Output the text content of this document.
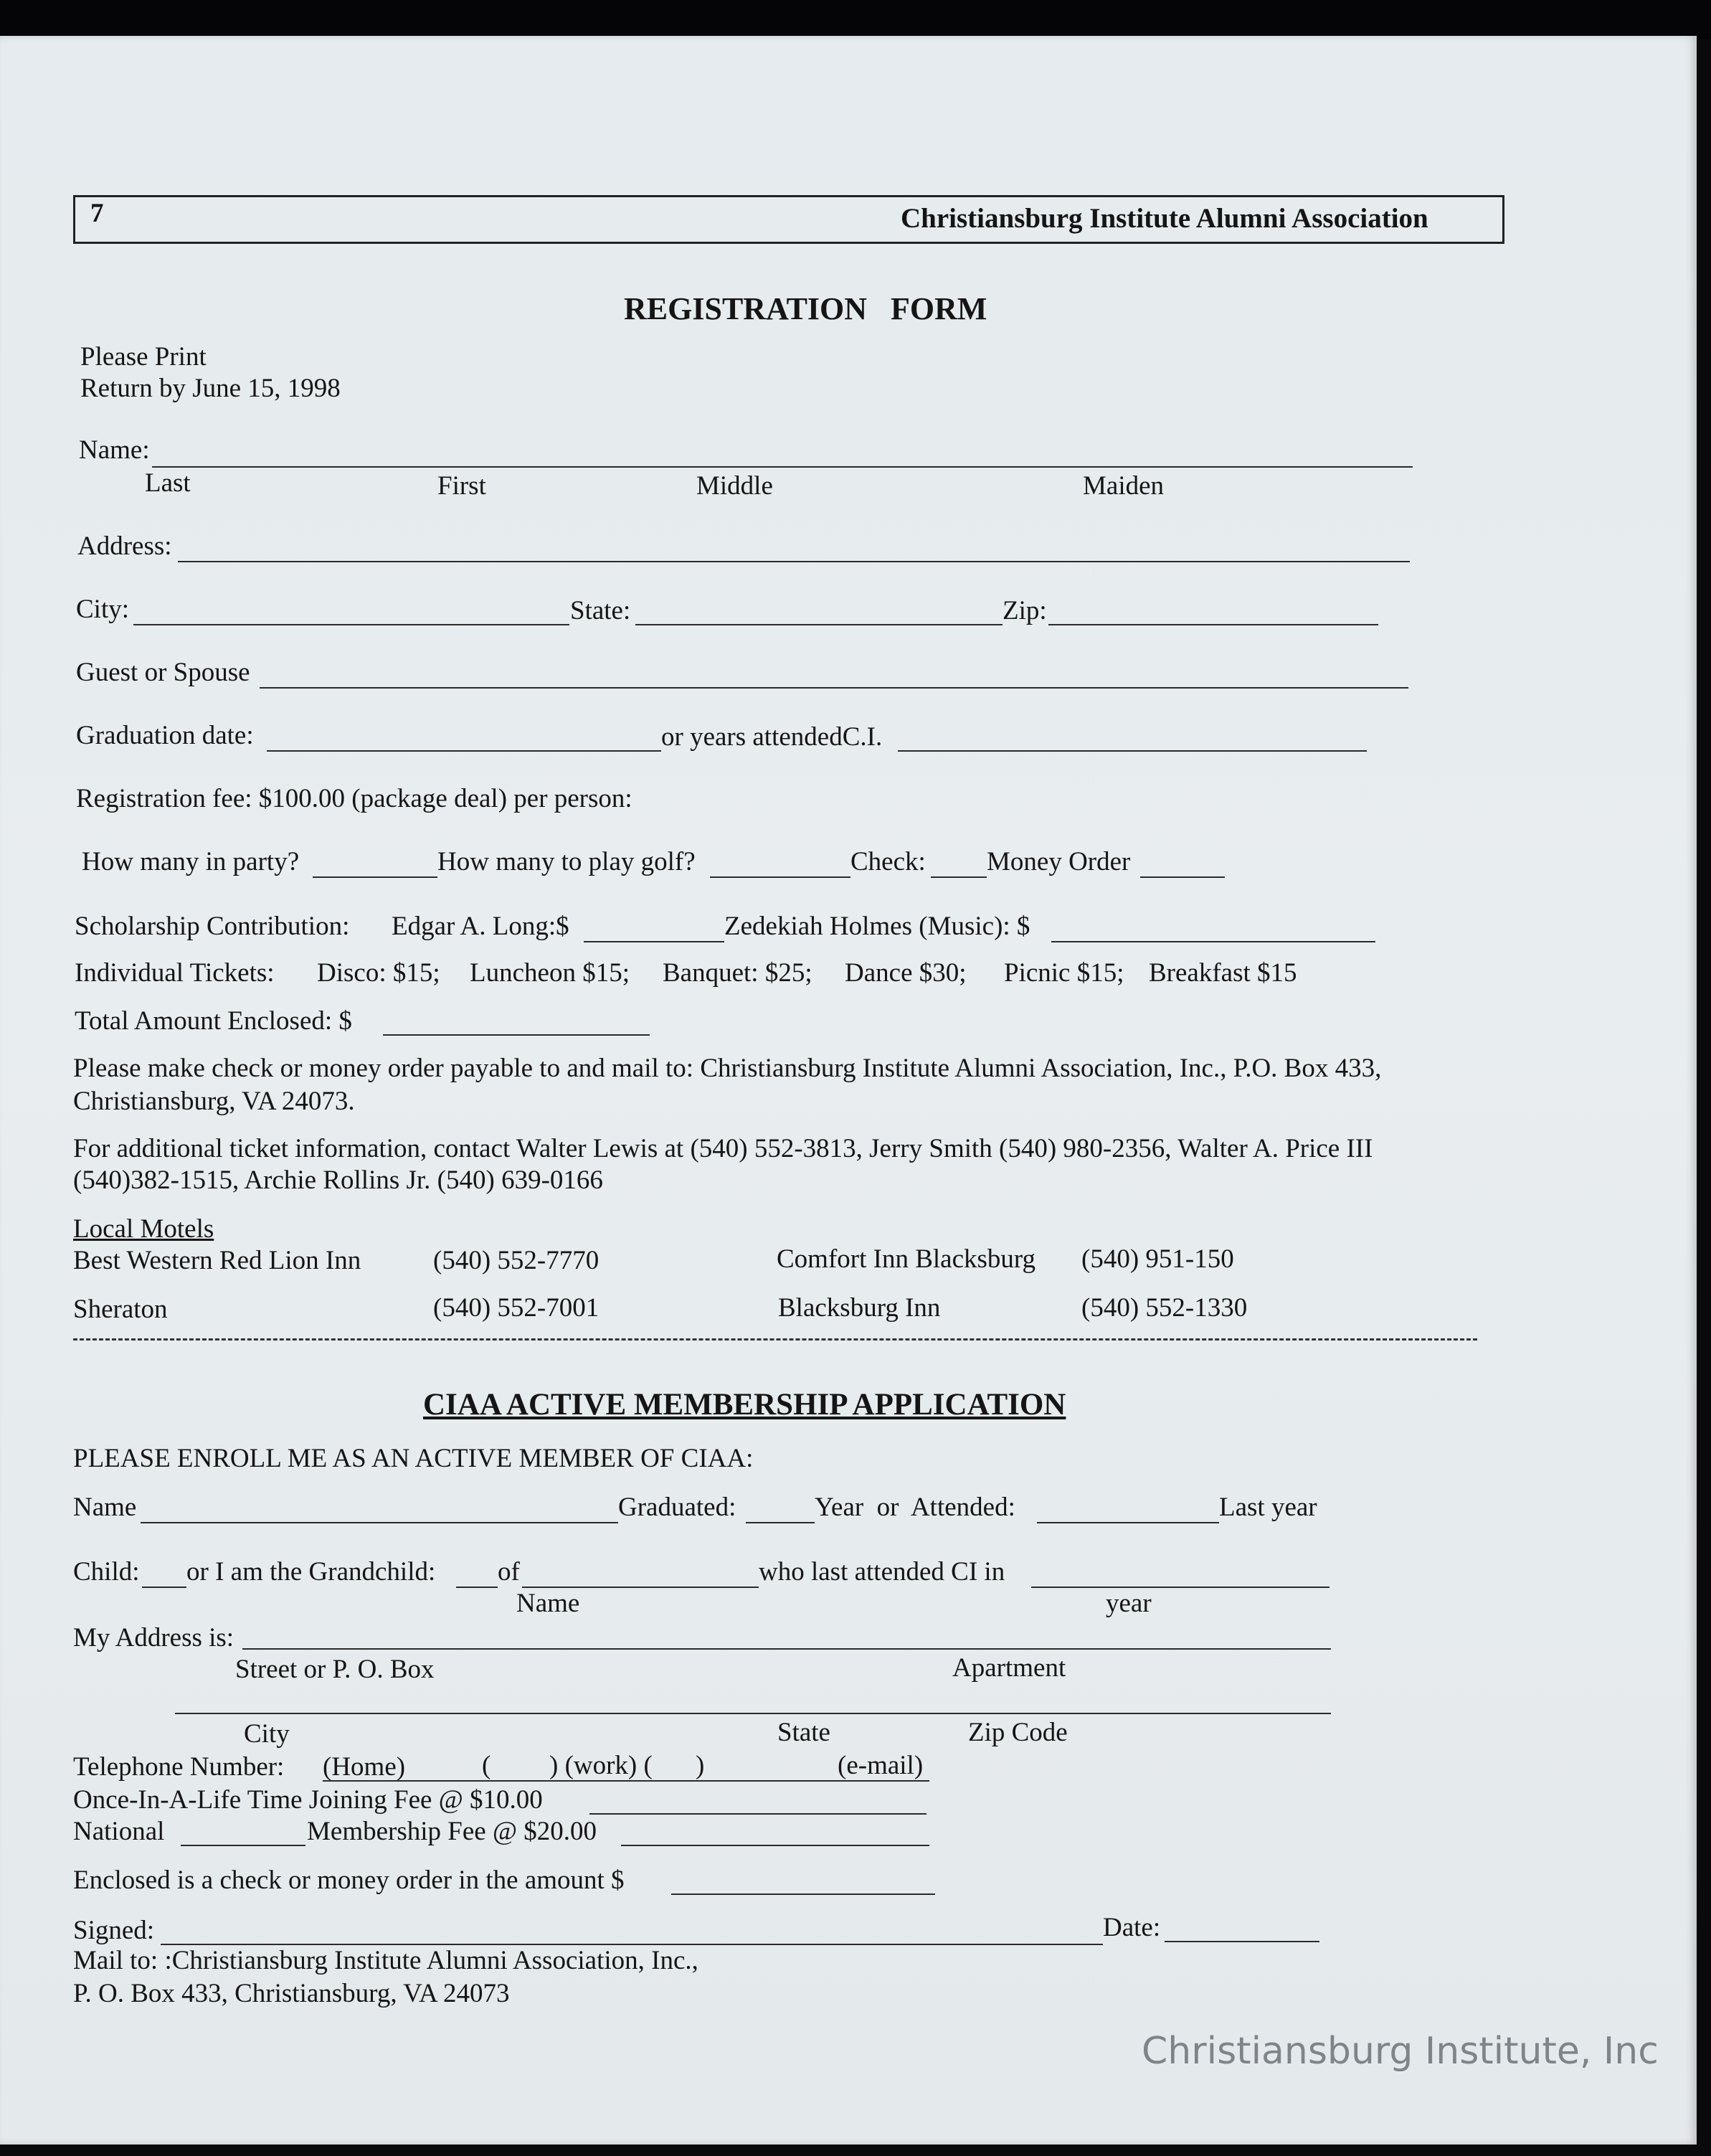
7	Christiansburg Institute Alumni Association
REGISTRATION   FORM
Please Print
Return by June 15, 1998
Name:
Last	First	Middle	Maiden
Address:
City:	State:	Zip:
Guest or Spouse
Graduation date:	or years attendedC.I.
Registration fee: $100.00 (package deal) per person:
How many in party?	How many to play golf?	Check: Money Order
Scholarship Contribution: Edgar A. Long:$	Zedekiah Holmes (Music): $
Individual Tickets: Disco: $15; Luncheon $15; Banquet: $25; Dance $30; Picnic $15; Breakfast $15
Total Amount Enclosed: $
Please make check or money order payable to and mail to: Christiansburg Institute Alumni Association, Inc., P.O. Box 433,
Christiansburg, VA 24073.
For additional ticket information, contact Walter Lewis at (540) 552-3813, Jerry Smith (540) 980-2356, Walter A. Price III
(540)382-1515, Archie Rollins Jr. (540) 639-0166
Local Motels
Best Western Red Lion Inn	(540) 552-7770	Comfort Inn Blacksburg (540) 951-150
Sheraton	(540) 552-7001	Blacksburg Inn	(540) 552-1330
CIAA ACTIVE MEMBERSHIP APPLICATION
PLEASE ENROLL ME AS AN ACTIVE MEMBER OF CIAA:
Name	Graduated:	Year  or  Attended:	Last year
Child: or I am the Grandchild: of	who last attended CI in
Name	year
My Address is:
Street or P. O. Box	Apartment
City	State	Zip Code
Telephone Number: (Home)	( ) (work) ( )	(e-mail)
Once-In-A-Life Time Joining Fee @ $10.00
National	Membership Fee @ $20.00
Enclosed is a check or money order in the amount $
Signed:	Date:
Mail to: :Christiansburg Institute Alumni Association, Inc.,
P. O. Box 433, Christiansburg, VA 24073
Christiansburg Institute, Inc
